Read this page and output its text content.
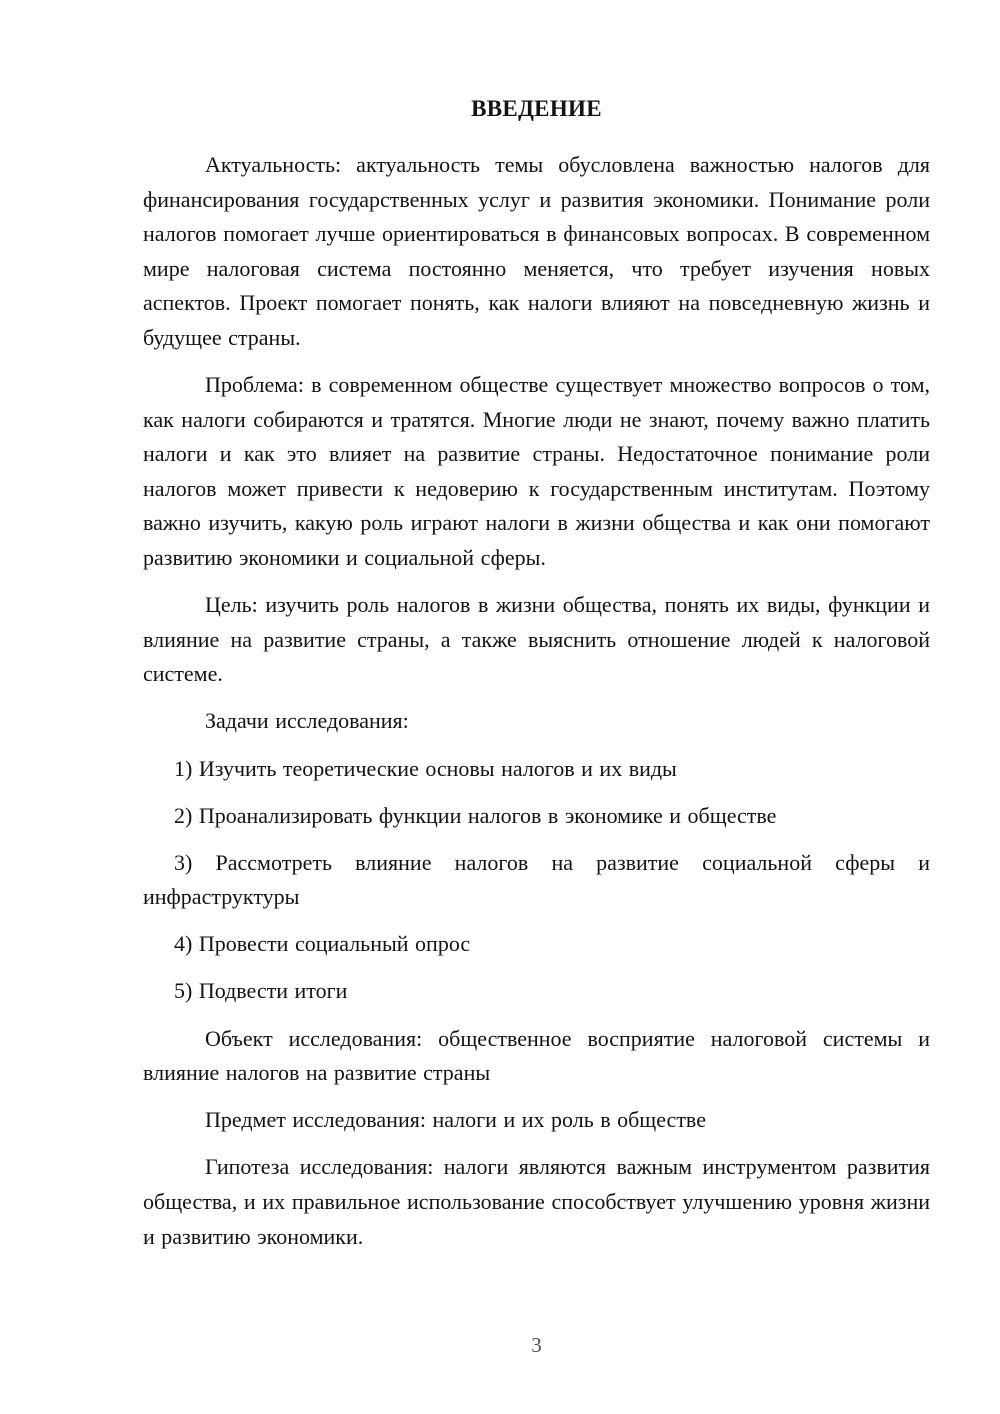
ВВЕДЕНИЕ

Актуальность: актуальность темы обусловлена важностью налогов для финансирования государственных услуг и развития экономики. Понимание роли налогов помогает лучше ориентироваться в финансовых вопросах. В современном мире налоговая система постоянно меняется, что требует изучения новых аспектов. Проект помогает понять, как налоги влияют на повседневную жизнь и будущее страны.

Проблема: в современном обществе существует множество вопросов о том, как налоги собираются и тратятся. Многие люди не знают, почему важно платить налоги и как это влияет на развитие страны. Недостаточное понимание роли налогов может привести к недоверию к государственным институтам. Поэтому важно изучить, какую роль играют налоги в жизни общества и как они помогают развитию экономики и социальной сферы.

Цель: изучить роль налогов в жизни общества, понять их виды, функции и влияние на развитие страны, а также выяснить отношение людей к налоговой системе.

Задачи исследования:

1) Изучить теоретические основы налогов и их виды

2) Проанализировать функции налогов в экономике и обществе

3) Рассмотреть влияние налогов на развитие социальной сферы и инфраструктуры

4) Провести социальный опрос

5) Подвести итоги

Объект исследования: общественное восприятие налоговой системы и влияние налогов на развитие страны

Предмет исследования: налоги и их роль в обществе

Гипотеза исследования: налоги являются важным инструментом развития общества, и их правильное использование способствует улучшению уровня жизни и развитию экономики.

3
